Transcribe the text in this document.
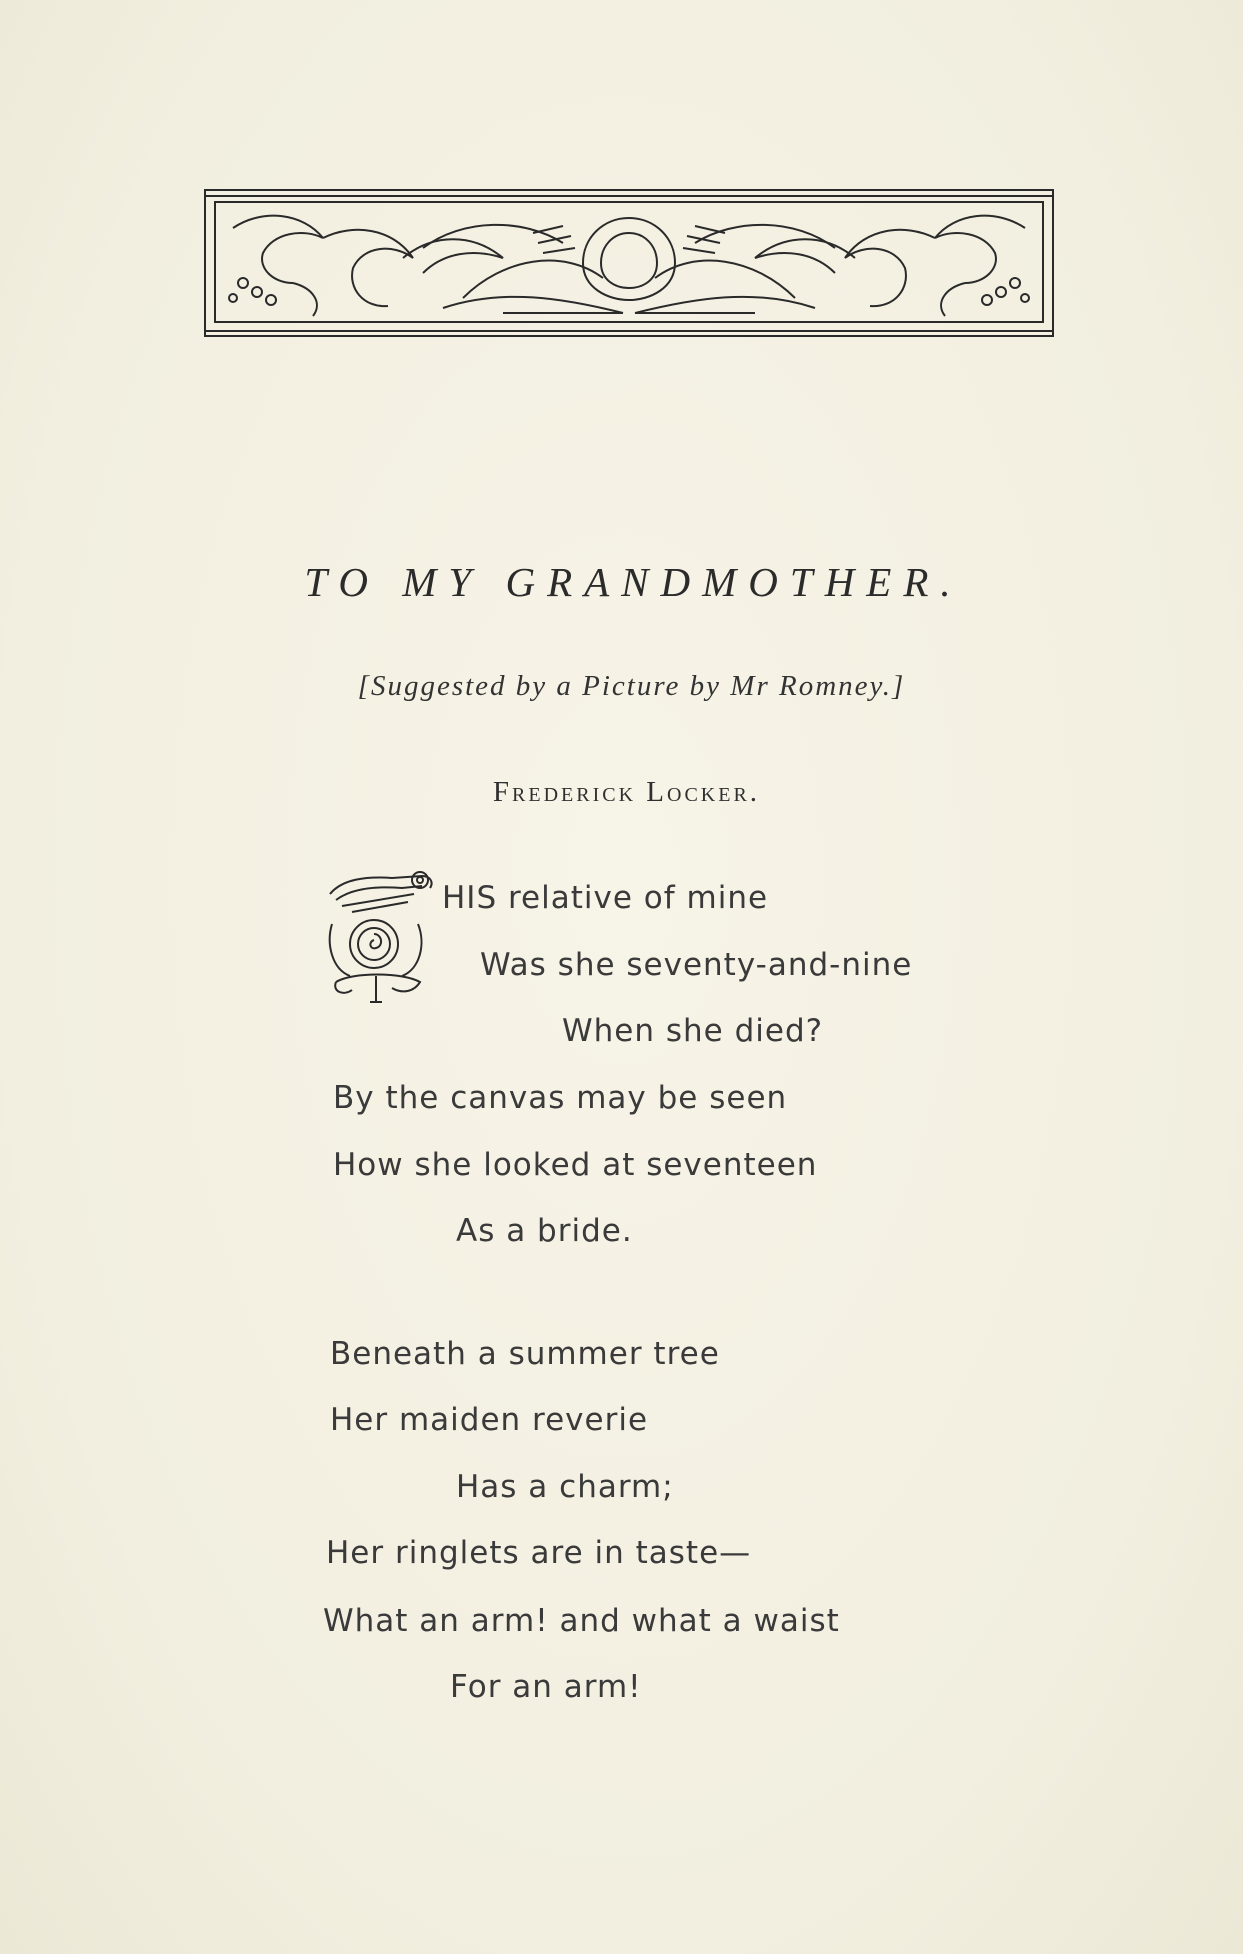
TO MY GRANDMOTHER.
[Suggested by a Picture by Mr Romney.]
Frederick Locker.
HIS relative of mine
Was she seventy-and-nine
When she died?
By the canvas may be seen
How she looked at seventeen
As a bride.
Beneath a summer tree
Her maiden reverie
Has a charm;
Her ringlets are in taste—
What an arm! and what a waist
For an arm!
